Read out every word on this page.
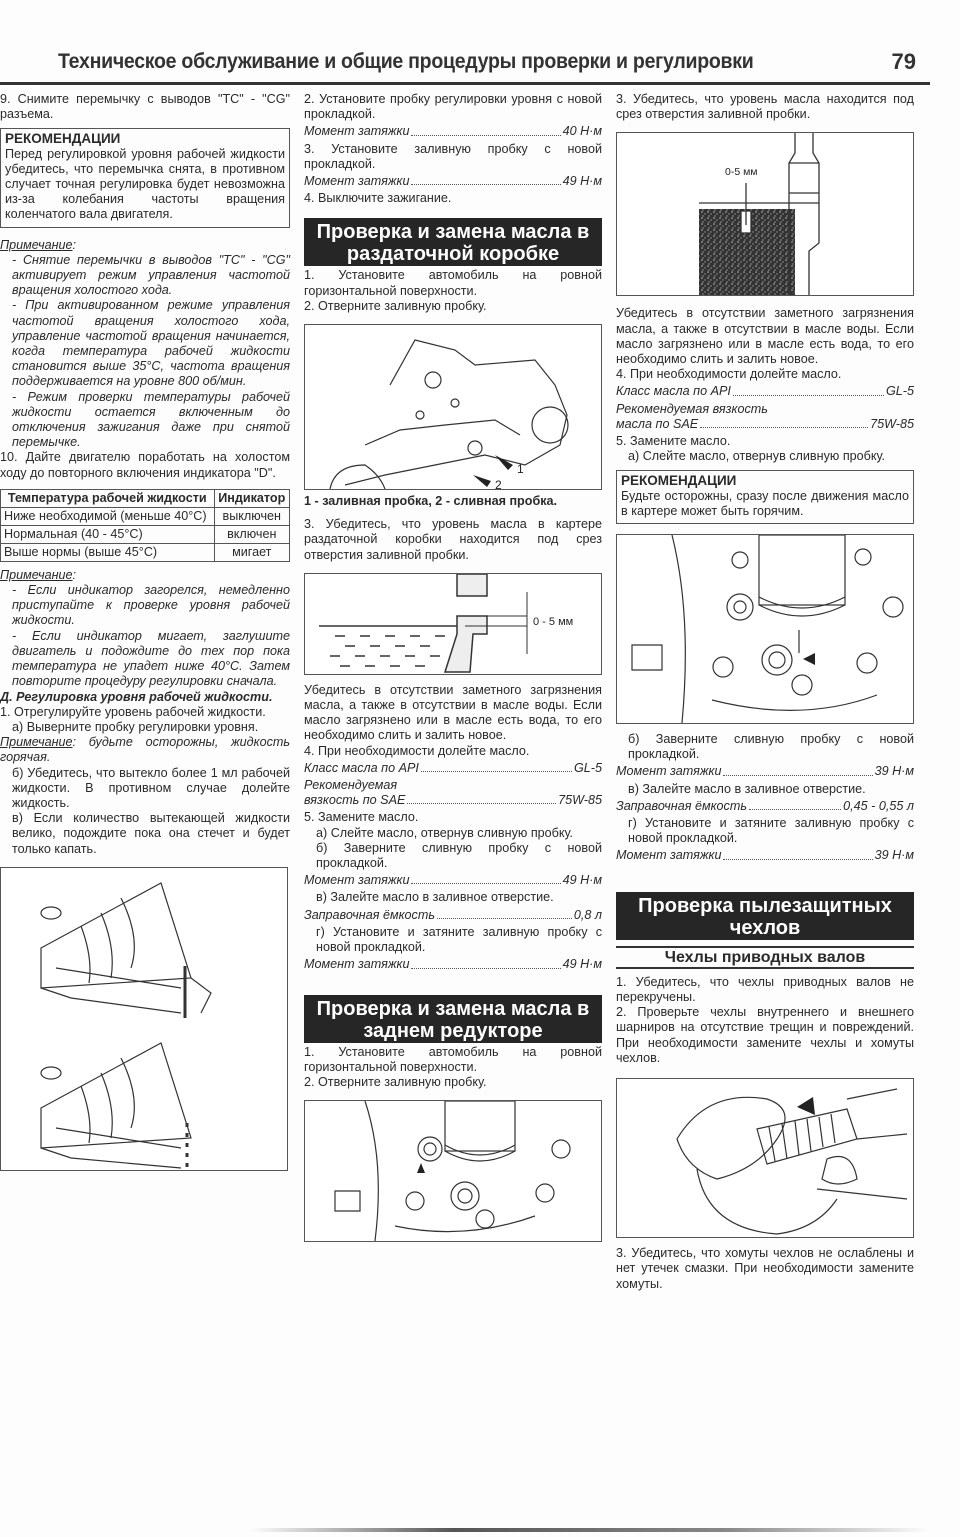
Техническое обслуживание и общие процедуры проверки и регулировки	79

9. Снимите перемычку с выводов "TC" - "CG" разъема.

РЕКОМЕНДАЦИИ

Перед регулировкой уровня рабочей жидкости убедитесь, что перемычка снята, в противном случает точная регулировка будет невозможна из-за колебания частоты вращения коленчатого вала двигателя.

Примечание:

- Снятие перемычки в выводов "TC" - "CG" активирует режим управления частотой вращения холостого хода.

- При активированном режиме управления частотой вращения холостого хода, управление частотой вращения начинается, когда температура рабочей жидкости становится выше 35°C, частота вращения поддерживается на уровне 800 об/мин.

- Режим проверки температуры рабочей жидкости остается включенным до отключения зажигания даже при снятой перемычке.

10. Дайте двигателю поработать на холостом ходу до повторного включения индикатора "D".

Температура рабочей жидкости	Индикатор
Ниже необходимой (меньше 40°C)	выключен
Нормальная (40 - 45°C)	включен
Выше нормы (выше 45°C)	мигает
Примечание:

- Если индикатор загорелся, немедленно приступайте к проверке уровня рабочей жидкости.

- Если индикатор мигает, заглушите двигатель и подождите до тех пор пока температура не упадет ниже 40°C. Затем повторите процедуру регулировки сначала.

Д. Регулировка уровня рабочей жидкости.

1. Отрегулируйте уровень рабочей жидкости.

а) Выверните пробку регулировки уровня.

Примечание: будьте осторожны, жидкость горячая.

б) Убедитесь, что вытекло более 1 мл рабочей жидкости. В противном случае долейте жидкость.

в) Если количество вытекающей жидкости велико, подождите пока она стечет и будет только капать.

2. Установите пробку регулировки уровня с новой прокладкой.

Момент затяжки	40 Н·м

3. Установите заливную пробку с новой прокладкой.

Момент затяжки	49 Н·м

4. Выключите зажигание.

Проверка и замена масла в раздаточной коробке

1. Установите автомобиль на ровной горизонтальной поверхности.

2. Отверните заливную пробку.

1
2

1 - заливная пробка, 2 - сливная пробка.

3. Убедитесь, что уровень масла в картере раздаточной коробки находится под срез отверстия заливной пробки.

0 - 5 мм

Убедитесь в отсутствии заметного загрязнения масла, а также в отсутствии в масле воды. Если масло загрязнено или в масле есть вода, то его необходимо слить и залить новое.

4. При необходимости долейте масло.

Класс масла по API	GL-5

Рекомендуемая

вязкость по SAE	75W-85

5. Замените масло.

а) Слейте масло, отвернув сливную пробку.

б) Заверните сливную пробку с новой прокладкой.

Момент затяжки	49 Н·м

в) Залейте масло в заливное отверстие.

Заправочная ёмкость	0,8 л

г) Установите и затяните заливную пробку с новой прокладкой.

Момент затяжки	49 Н·м
Проверка и замена масла в заднем редукторе

1. Установите автомобиль на ровной горизонтальной поверхности.

2. Отверните заливную пробку.

3. Убедитесь, что уровень масла находится под срез отверстия заливной пробки.

0-5 мм

Убедитесь в отсутствии заметного загрязнения масла, а также в отсутствии в масле воды. Если масло загрязнено или в масле есть вода, то его необходимо слить и залить новое.

4. При необходимости долейте масло.

Класс масла по API	GL-5

Рекомендуемая вязкость

масла по SAE	75W-85

5. Замените масло.

а) Слейте масло, отвернув сливную пробку.

РЕКОМЕНДАЦИИ

Будьте осторожны, сразу после движения масло в картере может быть горячим.

б) Заверните сливную пробку с новой прокладкой.

Момент затяжки	39 Н·м

в) Залейте масло в заливное отверстие.

Заправочная ёмкость	0,45 - 0,55 л

г) Установите и затяните заливную пробку с новой прокладкой.

Момент затяжки	39 Н·м
Проверка пылезащитных чехлов
Чехлы приводных валов

1. Убедитесь, что чехлы приводных валов не перекручены.

2. Проверьте чехлы внутреннего и внешнего шарниров на отсутствие трещин и повреждений. При необходимости замените чехлы и хомуты чехлов.

3. Убедитесь, что хомуты чехлов не ослаблены и нет утечек смазки. При необходимости замените хомуты.
